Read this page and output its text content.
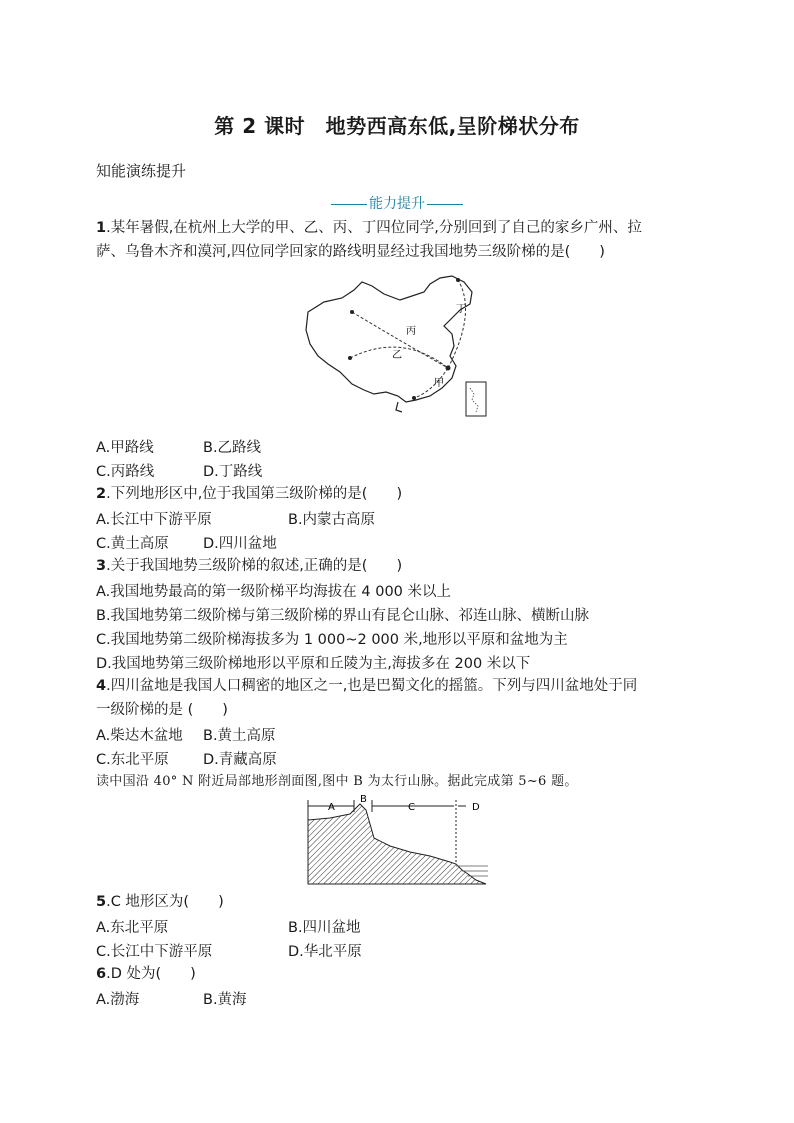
第 2 课时　地势西高东低,呈阶梯状分布
知能演练提升
能力提升
1.某年暑假,在杭州上大学的甲、乙、丙、丁四位同学,分别回到了自己的家乡广州、拉
萨、乌鲁木齐和漠河,四位同学回家的路线明显经过我国地势三级阶梯的是(　　)
丙
乙
丁
甲
A.甲路线	B.乙路线
C.丙路线	D.丁路线
2.下列地形区中,位于我国第三级阶梯的是(　　)
A.长江中下游平原	B.内蒙古高原
C.黄土高原 D.四川盆地
3.关于我国地势三级阶梯的叙述,正确的是(　　)
A.我国地势最高的第一级阶梯平均海拔在 4 000 米以上
B.我国地势第二级阶梯与第三级阶梯的界山有昆仑山脉、祁连山脉、横断山脉
C.我国地势第二级阶梯海拔多为 1 000~2 000 米,地形以平原和盆地为主
D.我国地势第三级阶梯地形以平原和丘陵为主,海拔多在 200 米以下
4.四川盆地是我国人口稠密的地区之一,也是巴蜀文化的摇篮。下列与四川盆地处于同
一级阶梯的是 (　　)
A.柴达木盆地 B.黄土高原
C.东北平原 D.青藏高原
读中国沿 40° N 附近局部地形剖面图,图中 B 为太行山脉。据此完成第 5~6 题。
A
B
C	D
5.C 地形区为(　　)
A.东北平原	B.四川盆地
C.长江中下游平原	D.华北平原
6.D 处为(　　)
A.渤海	B.黄海
